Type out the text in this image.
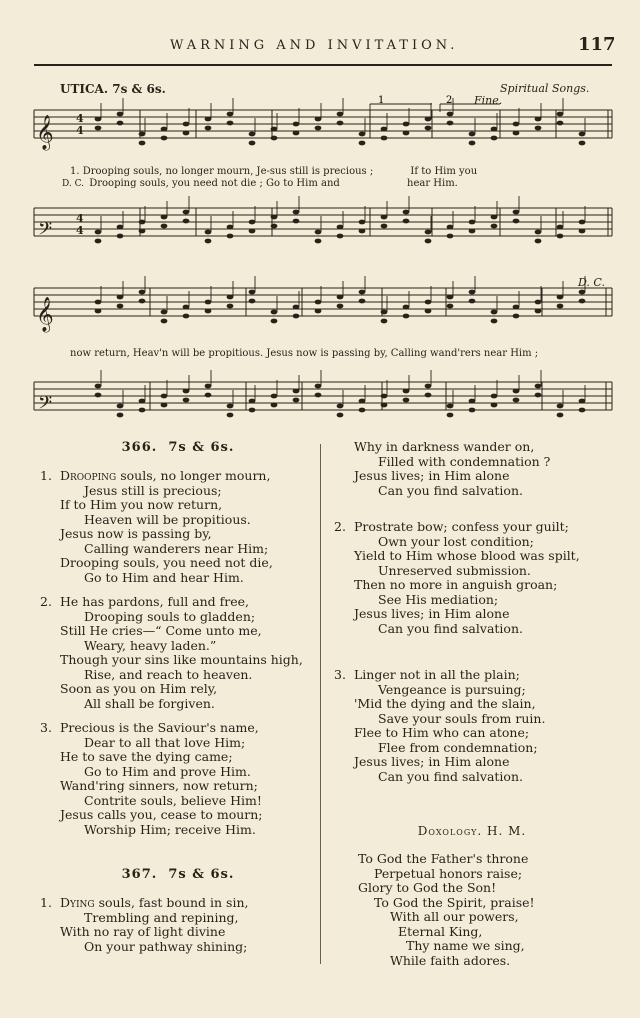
WARNING AND INVITATION.	117
UTICA. 7s & 6s.	Spiritual Songs.
Fine.
D. C.
1	2
𝄞
𝄞
𝄢
𝄢
4
4
4
4
1. Drooping souls, no longer mourn, Je-sus still is precious ;	If to Him you
D. C. Drooping souls, you need not die ; Go to Him and	hear Him.
now return, Heav'n will be propitious. Jesus now is passing by, Calling wand'rers near Him ;
366. 7s & 6s.
1. Drooping souls, no longer mourn,
Jesus still is precious;
If to Him you now return,
Heaven will be propitious.
Jesus now is passing by,
Calling wanderers near Him;
Drooping souls, you need not die,
Go to Him and hear Him.
2. He has pardons, full and free,
Drooping souls to gladden;
Still He cries—“ Come unto me,
Weary, heavy laden.”
Though your sins like mountains high,
Rise, and reach to heaven.
Soon as you on Him rely,
All shall be forgiven.
3. Precious is the Saviour's name,
Dear to all that love Him;
He to save the dying came;
Go to Him and prove Him.
Wand'ring sinners, now return;
Contrite souls, believe Him!
Jesus calls you, cease to mourn;
Worship Him; receive Him.
367. 7s & 6s.
1. Dying souls, fast bound in sin,
Trembling and repining,
With no ray of light divine
On your pathway shining;
Why in darkness wander on,
Filled with condemnation ?
Jesus lives; in Him alone
Can you find salvation.
2. Prostrate bow; confess your guilt;
Own your lost condition;
Yield to Him whose blood was spilt,
Unreserved submission.
Then no more in anguish groan;
See His mediation;
Jesus lives; in Him alone
Can you find salvation.
3. Linger not in all the plain;
Vengeance is pursuing;
'Mid the dying and the slain,
Save your souls from ruin.
Flee to Him who can atone;
Flee from condemnation;
Jesus lives; in Him alone
Can you find salvation.
Doxology. H. M.
To God the Father's throne
Perpetual honors raise;
Glory to God the Son!
To God the Spirit, praise!
With all our powers,
Eternal King,
Thy name we sing,
While faith adores.
